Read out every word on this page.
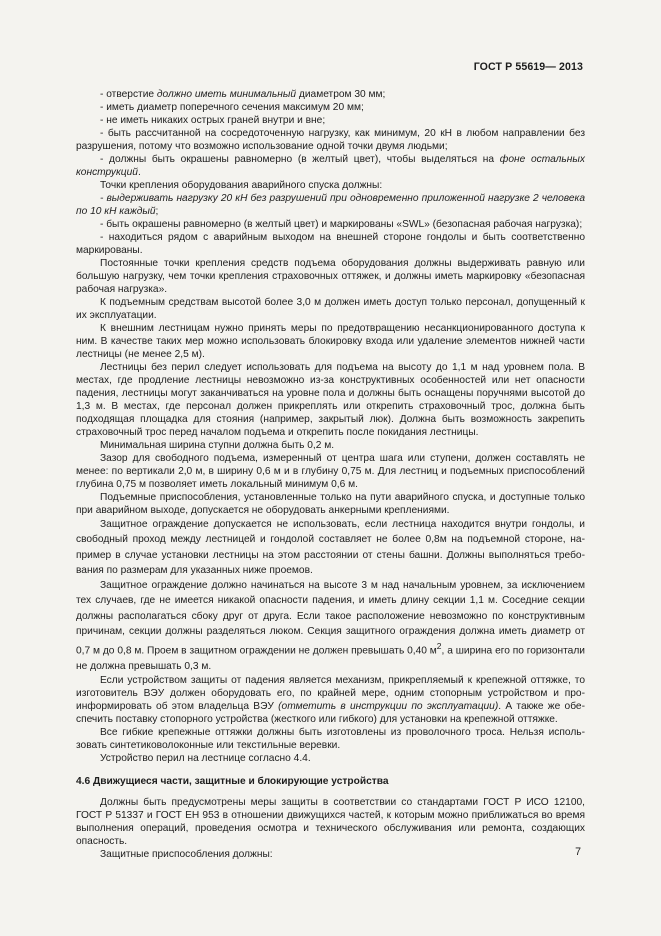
ГОСТ Р 55619— 2013

- отверстие должно иметь минимальный диаметром 30 мм;

- иметь диаметр поперечного сечения максимум 20 мм;

- не иметь никаких острых граней внутри и вне;

- быть рассчитанной на сосредоточенную нагрузку, как минимум, 20 кН в любом направлении без разрушения, потому что возможно использование одной точки двумя людьми;

- должны быть окрашены равномерно (в желтый цвет), чтобы выделяться на фоне остальных конструкций.

Точки крепления оборудования аварийного спуска должны:

- выдерживать нагрузку 20 кН без разрушений при одновременно приложенной нагрузке 2 человека по 10 кН каждый;

- быть окрашены равномерно (в желтый цвет) и маркированы «SWL» (безопасная рабочая нагрузка);

- находиться рядом с аварийным выходом на внешней стороне гондолы и быть соответственно маркированы.

Постоянные точки крепления средств подъема оборудования должны выдерживать равную или большую нагрузку, чем точки крепления страховочных оттяжек, и должны иметь маркировку «безопасная рабочая нагрузка».

К подъемным средствам высотой более 3,0 м должен иметь доступ только персонал, допущенный к их эксплуатации.

К внешним лестницам нужно принять меры по предотвращению несанкционированного доступа к ним. В качестве таких мер можно использовать блокировку входа или удаление элементов нижней части лестницы (не менее 2,5 м).

Лестницы без перил следует использовать для подъема на высоту до 1,1 м над уровнем пола. В местах, где продление лестницы невозможно из-за конструктивных особенностей или нет опасности падения, лестницы могут заканчиваться на уровне пола и должны быть оснащены поручнями высотой до 1,3 м. В местах, где персонал должен прикреплять или открепить страховочный трос, должна быть подходящая площадка для стояния (например, закрытый люк). Должна быть возможность закрепить страховочный трос перед началом подъема и открепить после покидания лестницы.

Минимальная ширина ступни должна быть 0,2 м.

Зазор для свободного подъема, измеренный от центра шага или ступени, должен составлять не менее: по вертикали 2,0 м, в ширину 0,6 м и в глубину 0,75 м. Для лестниц и подъемных приспособлений глубина 0,75 м позволяет иметь локальный минимум 0,6 м.

Подъемные приспособления, установленные только на пути аварийного спуска, и доступные только при аварийном выходе, допускается не оборудовать анкерными креплениями.

Защитное ограждение допускается не использовать, если лестница находится внутри гондолы, и свободный проход между лестницей и гондолой составляет не более 0,8м на подъемной стороне, например в случае установки лестницы на этом расстоянии от стены башни. Должны выполняться требования по размерам для указанных ниже проемов.

Защитное ограждение должно начинаться на высоте 3 м над начальным уровнем, за исключением тех случаев, где не имеется никакой опасности падения, и иметь длину секции 1,1 м. Соседние секции должны располагаться сбоку друг от друга. Если такое расположение невозможно по конструктивным причинам, секции должны разделяться люком. Секция защитного ограждения должна иметь диаметр от 0,7 м до 0,8 м. Проем в защитном ограждении не должен превышать 0,40 $м^2$, а ширина его по горизонтали не должна превышать 0,3 м.

Если устройством защиты от падения является механизм, прикрепляемый к крепежной оттяжке, то изготовитель ВЭУ должен оборудовать его, по крайней мере, одним стопорным устройством и проинформировать об этом владельца ВЭУ (отметить в инструкции по эксплуатации). А также же обеспечить поставку стопорного устройства (жесткого или гибкого) для установки на крепежной оттяжке.

Все гибкие крепежные оттяжки должны быть изготовлены из проволочного троса. Нельзя использовать синтетиковолоконные или текстильные веревки.

Устройство перил на лестнице согласно 4.4.

4.6 Движущиеся части, защитные и блокирующие устройства

Должны быть предусмотрены меры защиты в соответствии со стандартами ГОСТ Р ИСО 12100, ГОСТ Р 51337 и ГОСТ ЕН 953 в отношении движущихся частей, к которым можно приближаться во время выполнения операций, проведения осмотра и технического обслуживания или ремонта, создающих опасность.

Защитные приспособления должны:	7
